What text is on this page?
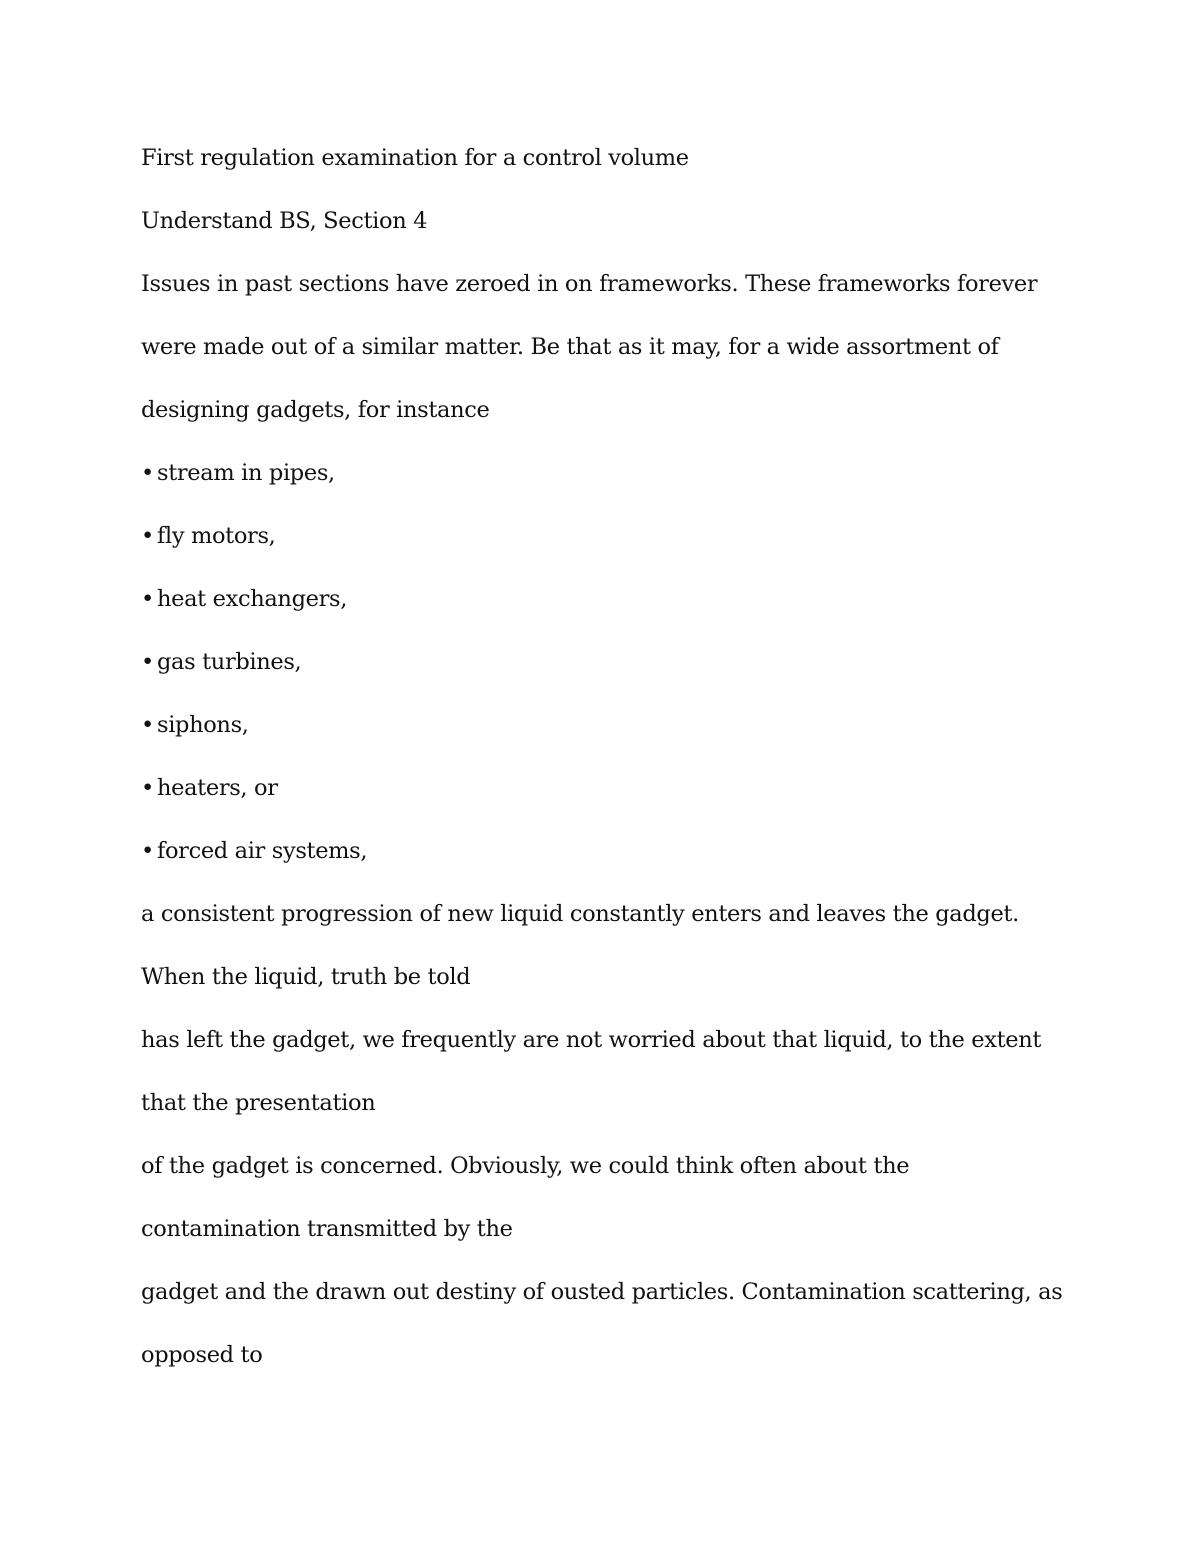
First regulation examination for a control volume
Understand BS, Section 4
Issues in past sections have zeroed in on frameworks. These frameworks forever
were made out of a similar matter. Be that as it may, for a wide assortment of
designing gadgets, for instance
• stream in pipes,
• fly motors,
• heat exchangers,
• gas turbines,
• siphons,
• heaters, or
• forced air systems,
a consistent progression of new liquid constantly enters and leaves the gadget.
When the liquid, truth be told
has left the gadget, we frequently are not worried about that liquid, to the extent
that the presentation
of the gadget is concerned. Obviously, we could think often about the
contamination transmitted by the
gadget and the drawn out destiny of ousted particles. Contamination scattering, as
opposed to
